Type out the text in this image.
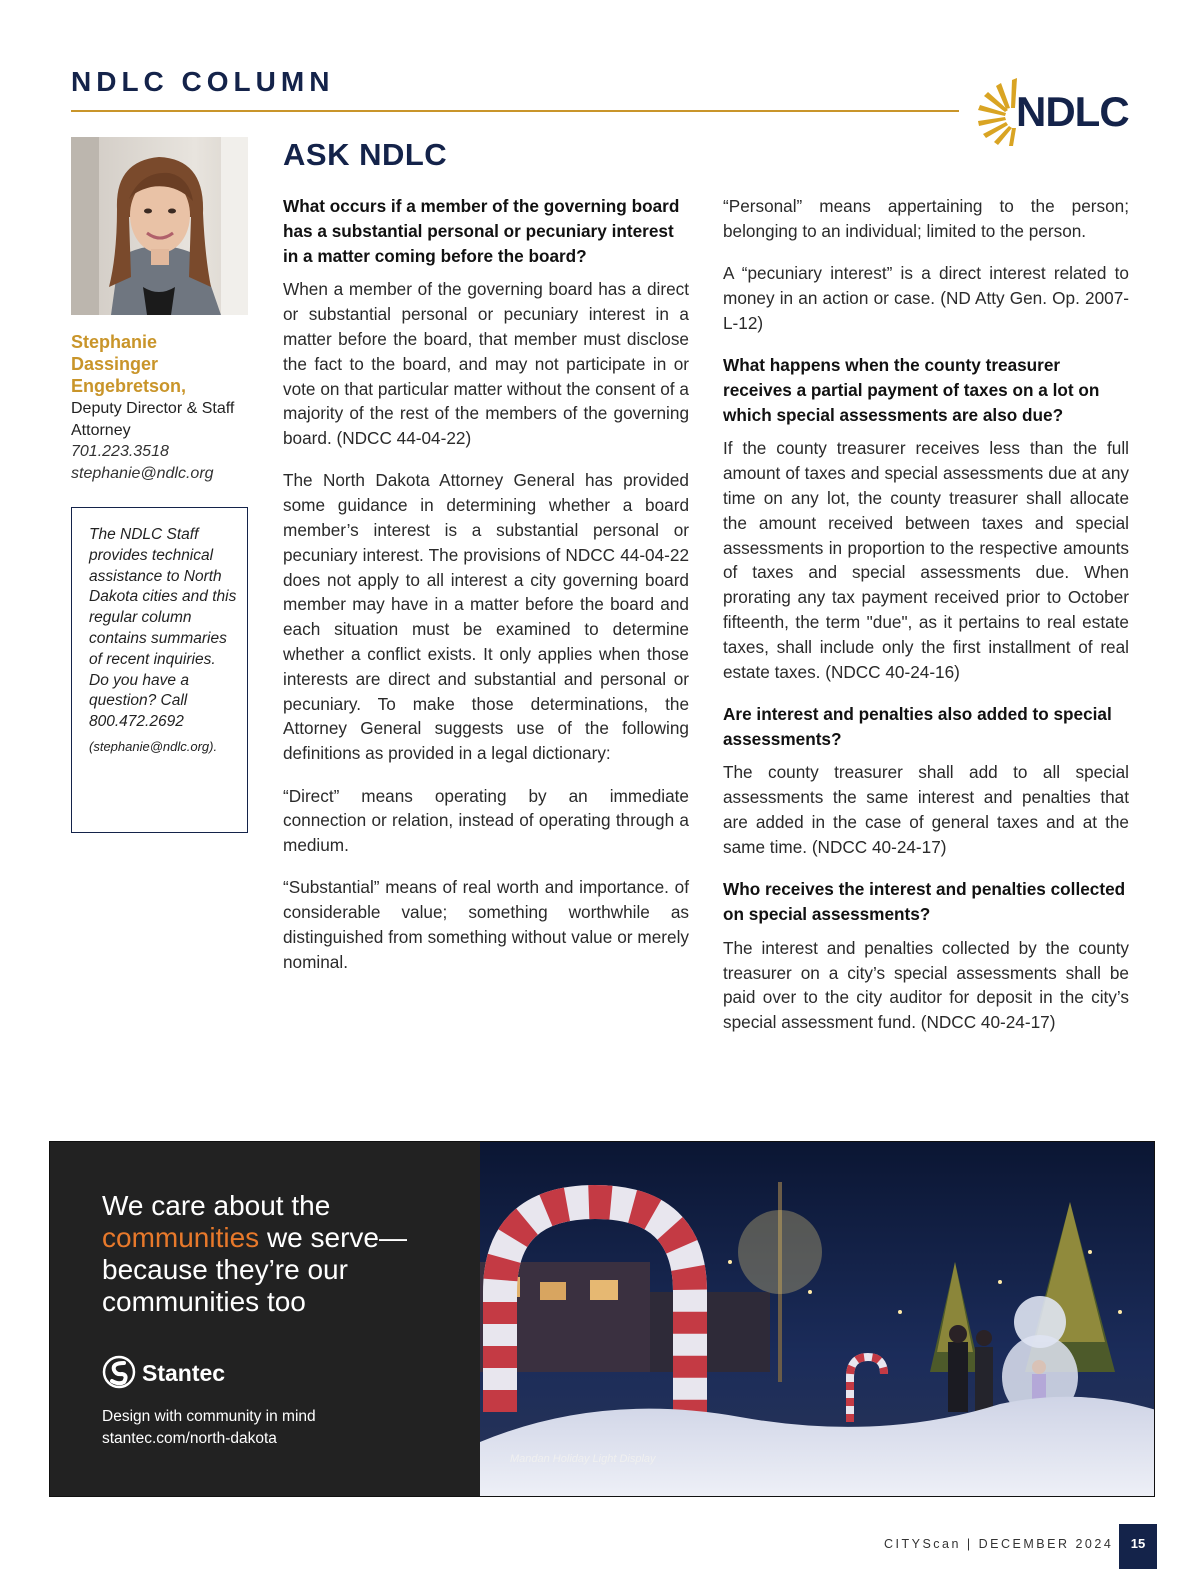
NDLC COLUMN
NDLC
Stephanie Dassinger Engebretson,
Deputy Director & Staff Attorney
701.223.3518
stephanie@ndlc.org
The NDLC Staff provides technical assistance to North Dakota cities and this regular column contains summaries of recent inquiries. Do you have a question? Call 800.472.2692
(stephanie@ndlc.org).
ASK NDLC
What occurs if a member of the governing board has a substantial personal or pecuniary interest in a matter coming before the board?

When a member of the governing board has a direct or substantial personal or pecuniary interest in a matter before the board, that member must disclose the fact to the board, and may not participate in or vote on that particular matter without the consent of a majority of the rest of the members of the governing board. (NDCC 44-04-22)

The North Dakota Attorney General has provided some guidance in determining whether a board member’s interest is a substantial personal or pecuniary interest. The provisions of NDCC 44-04-22 does not apply to all interest a city governing board member may have in a matter before the board and each situation must be examined to determine whether a conflict exists. It only applies when those interests are direct and substantial and personal or pecuniary. To make those determinations, the Attorney General suggests use of the following definitions as provided in a legal dictionary:

“Direct” means operating by an immediate connection or relation, instead of operating through a medium.

“Substantial” means of real worth and importance. of considerable value; something worthwhile as distinguished from something without value or merely nominal.

“Personal” means appertaining to the person; belonging to an individual; limited to the person.

A “pecuniary interest” is a direct interest related to money in an action or case. (ND Atty Gen. Op. 2007-L-12)

What happens when the county treasurer receives a partial payment of taxes on a lot on which special assessments are also due?

If the county treasurer receives less than the full amount of taxes and special assessments due at any time on any lot, the county treasurer shall allocate the amount received between taxes and special assessments in proportion to the respective amounts of taxes and special assessments due. When prorating any tax payment received prior to October fifteenth, the term "due", as it pertains to real estate taxes, shall include only the first installment of real estate taxes. (NDCC 40-24-16)

Are interest and penalties also added to special assessments?

The county treasurer shall add to all special assessments the same interest and penalties that are added in the case of general taxes and at the same time. (NDCC 40-24-17)

Who receives the interest and penalties collected on special assessments?

The interest and penalties collected by the county treasurer on a city’s special assessments shall be paid over to the city auditor for deposit in the city’s special assessment fund. (NDCC 40-24-17)

We care about the
communities we serve—because they’re our communities too
Stantec
Design with community in mind
stantec.com/north-dakota
Mandan Holiday Light Display
CITYScan | DECEMBER 2024	15
